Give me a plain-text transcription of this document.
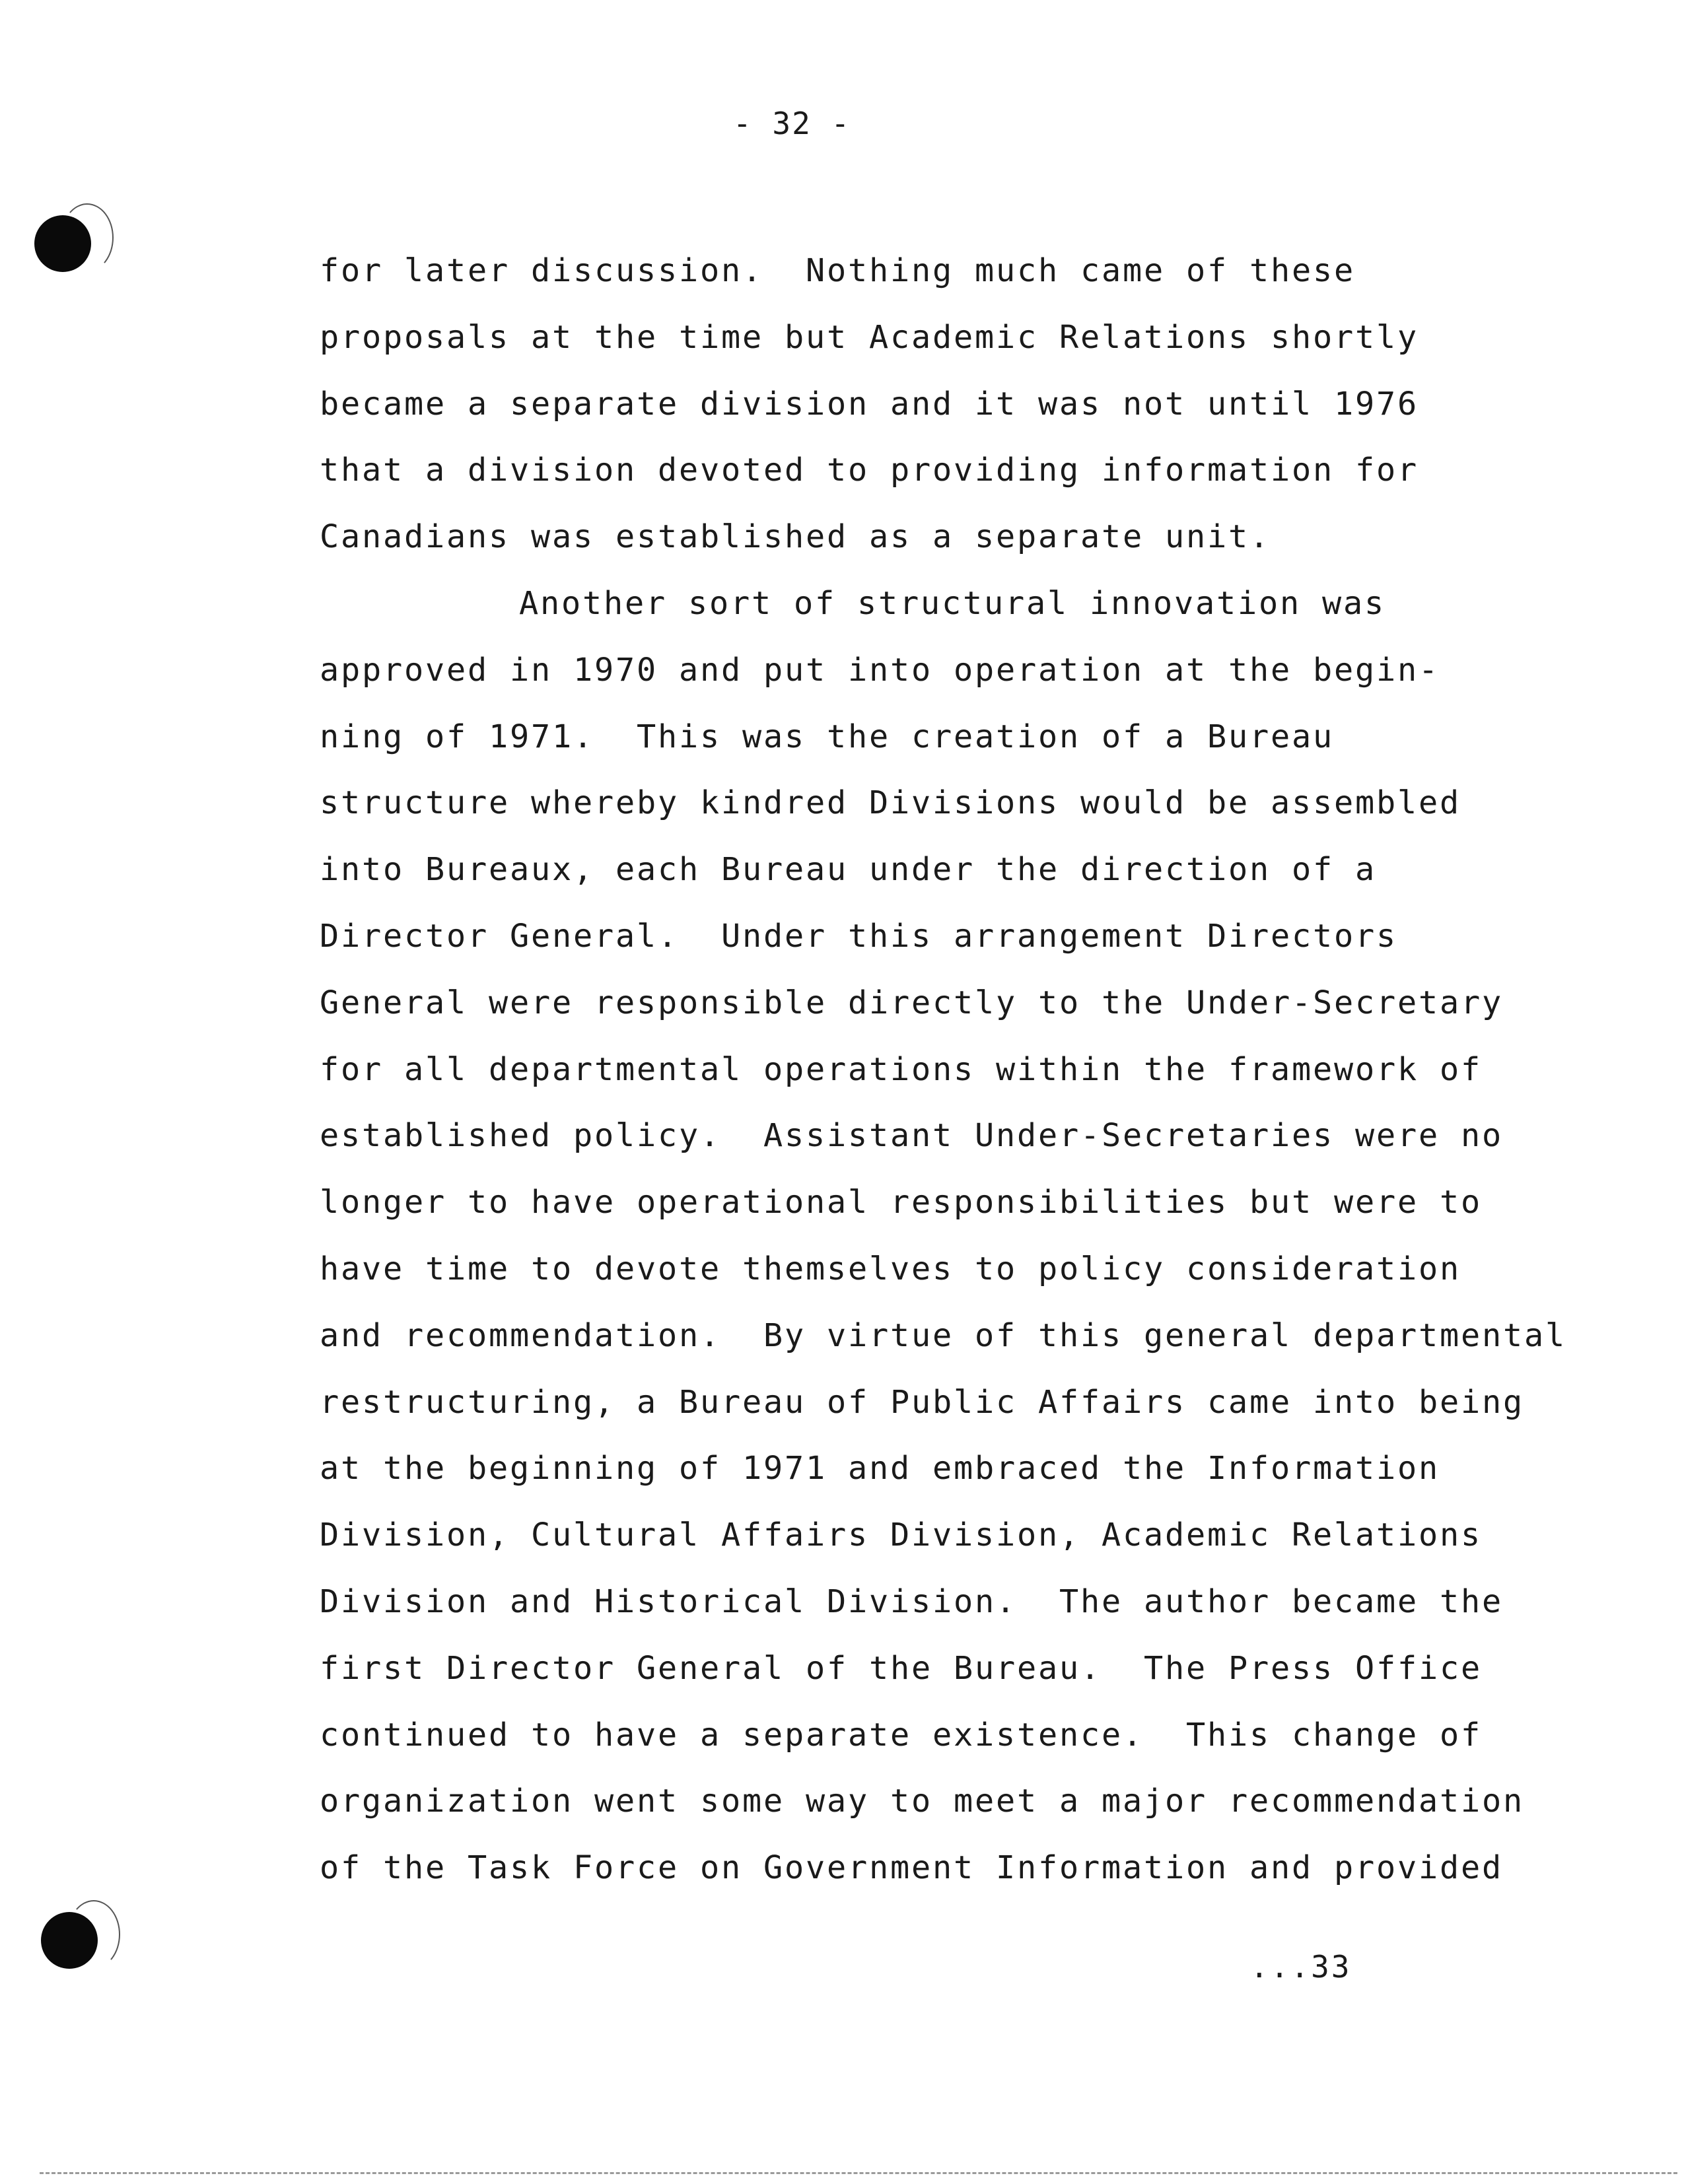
- 32 -
for later discussion.  Nothing much came of these
proposals at the time but Academic Relations shortly
became a separate division and it was not until 1976
that a division devoted to providing information for
Canadians was established as a separate unit.
Another sort of structural innovation was
approved in 1970 and put into operation at the begin-
ning of 1971.  This was the creation of a Bureau
structure whereby kindred Divisions would be assembled
into Bureaux, each Bureau under the direction of a
Director General.  Under this arrangement Directors
General were responsible directly to the Under-Secretary
for all departmental operations within the framework of
established policy.  Assistant Under-Secretaries were no
longer to have operational responsibilities but were to
have time to devote themselves to policy consideration
and recommendation.  By virtue of this general departmental
restructuring, a Bureau of Public Affairs came into being
at the beginning of 1971 and embraced the Information
Division, Cultural Affairs Division, Academic Relations
Division and Historical Division.  The author became the
first Director General of the Bureau.  The Press Office
continued to have a separate existence.  This change of
organization went some way to meet a major recommendation
of the Task Force on Government Information and provided
...33
